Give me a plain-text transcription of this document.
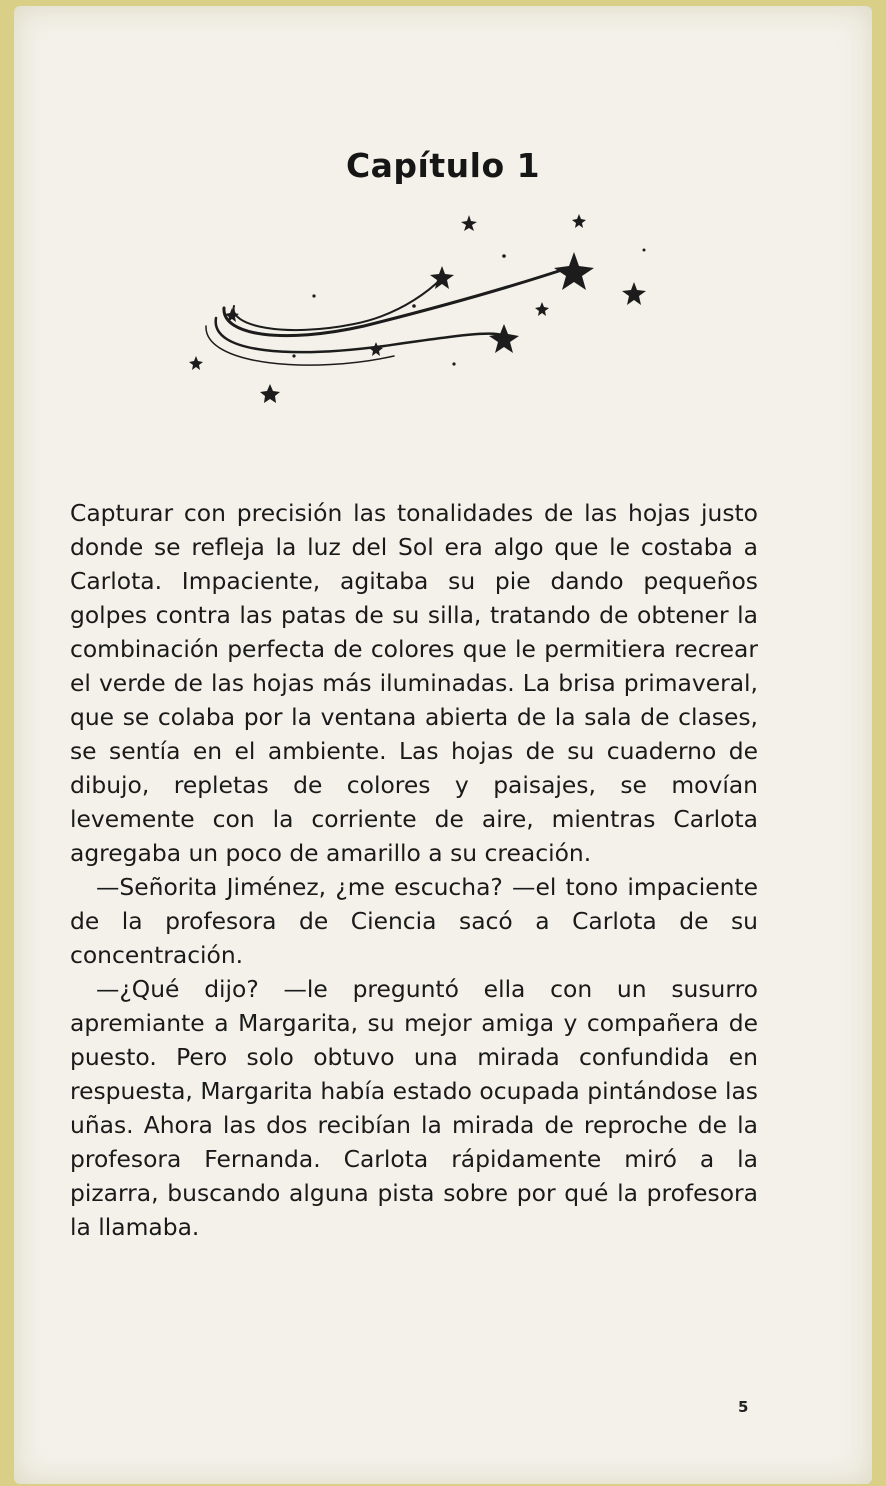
Capítulo 1

Capturar con precisión las tonalidades de las hojas justo donde se refleja la luz del Sol era algo que le costaba a Carlota. Impaciente, agitaba su pie dando pequeños golpes contra las patas de su silla, tratando de obtener la combinación perfecta de colores que le permitiera recrear el verde de las hojas más iluminadas. La brisa primaveral, que se colaba por la ventana abierta de la sala de clases, se sentía en el ambiente. Las hojas de su cuaderno de dibujo, repletas de colores y paisajes, se movían levemente con la corriente de aire, mientras Carlota agregaba un poco de amarillo a su creación.

—Señorita Jiménez, ¿me escucha? —el tono impaciente de la profesora de Ciencia sacó a Carlota de su concentración.

—¿Qué dijo? —le preguntó ella con un susurro apremiante a Margarita, su mejor amiga y compañera de puesto. Pero solo obtuvo una mirada confundida en respuesta, Margarita había estado ocupada pintándose las uñas. Ahora las dos recibían la mirada de reproche de la profesora Fernanda. Carlota rápidamente miró a la pizarra, buscando alguna pista sobre por qué la profesora la llamaba.

5
